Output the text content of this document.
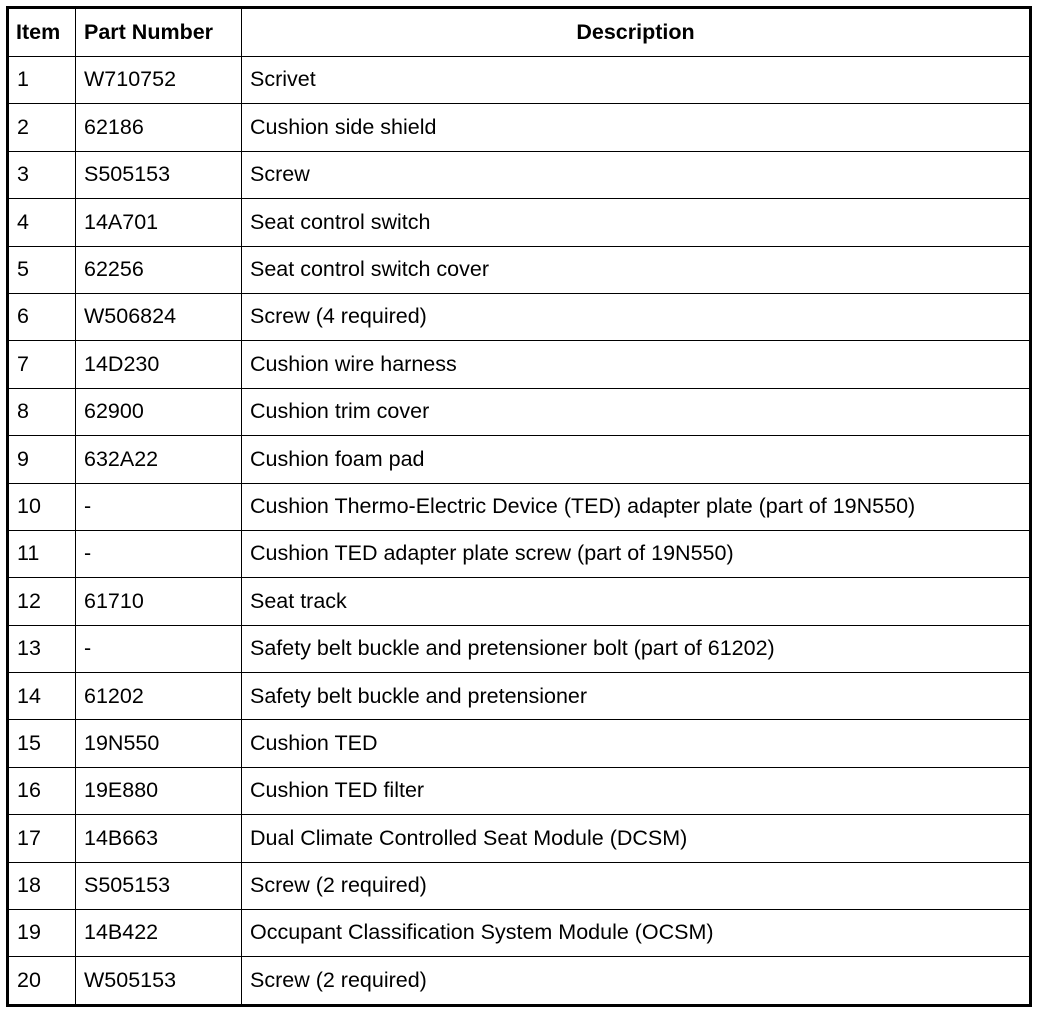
Item	Part Number	Description
1	W710752	Scrivet
2	62186	Cushion side shield
3	S505153	Screw
4	14A701	Seat control switch
5	62256	Seat control switch cover
6	W506824	Screw (4 required)
7	14D230	Cushion wire harness
8	62900	Cushion trim cover
9	632A22	Cushion foam pad
10	-	Cushion Thermo-Electric Device (TED) adapter plate (part of 19N550)
11	-	Cushion TED adapter plate screw (part of 19N550)
12	61710	Seat track
13	-	Safety belt buckle and pretensioner bolt (part of 61202)
14	61202	Safety belt buckle and pretensioner
15	19N550	Cushion TED
16	19E880	Cushion TED filter
17	14B663	Dual Climate Controlled Seat Module (DCSM)
18	S505153	Screw (2 required)
19	14B422	Occupant Classification System Module (OCSM)
20	W505153	Screw (2 required)
